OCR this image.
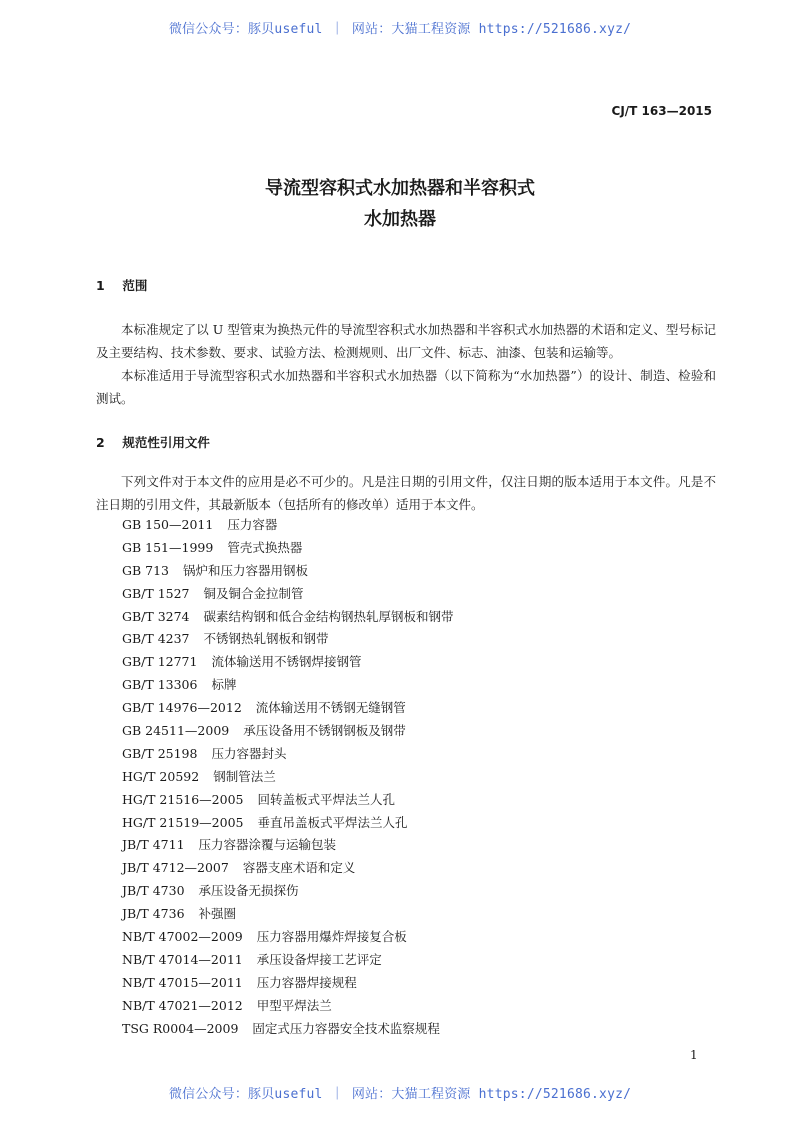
微信公众号：豚贝useful ｜ 网站：大猫工程资源 https://521686.xyz/
CJ/T 163—2015
导流型容积式水加热器和半容积式
水加热器
1 范围

本标准规定了以 U 型管束为换热元件的导流型容积式水加热器和半容积式水加热器的术语和定义、型号标记及主要结构、技术参数、要求、试验方法、检测规则、出厂文件、标志、油漆、包装和运输等。

本标准适用于导流型容积式水加热器和半容积式水加热器（以下简称为“水加热器”）的设计、制造、检验和测试。

2 规范性引用文件

下列文件对于本文件的应用是必不可少的。凡是注日期的引用文件，仅注日期的版本适用于本文件。凡是不注日期的引用文件，其最新版本（包括所有的修改单）适用于本文件。

GB 150—2011 压力容器
GB 151—1999 管壳式换热器
GB 713 锅炉和压力容器用钢板
GB/T 1527 铜及铜合金拉制管
GB/T 3274 碳素结构钢和低合金结构钢热轧厚钢板和钢带
GB/T 4237 不锈钢热轧钢板和钢带
GB/T 12771 流体输送用不锈钢焊接钢管
GB/T 13306 标牌
GB/T 14976—2012 流体输送用不锈钢无缝钢管
GB 24511—2009 承压设备用不锈钢钢板及钢带
GB/T 25198 压力容器封头
HG/T 20592 钢制管法兰
HG/T 21516—2005 回转盖板式平焊法兰人孔
HG/T 21519—2005 垂直吊盖板式平焊法兰人孔
JB/T 4711 压力容器涂覆与运输包装
JB/T 4712—2007 容器支座术语和定义
JB/T 4730 承压设备无损探伤
JB/T 4736 补强圈
NB/T 47002—2009 压力容器用爆炸焊接复合板
NB/T 47014—2011 承压设备焊接工艺评定
NB/T 47015—2011 压力容器焊接规程
NB/T 47021—2012 甲型平焊法兰
TSG R0004—2009 固定式压力容器安全技术监察规程
1
微信公众号：豚贝useful ｜ 网站：大猫工程资源 https://521686.xyz/
